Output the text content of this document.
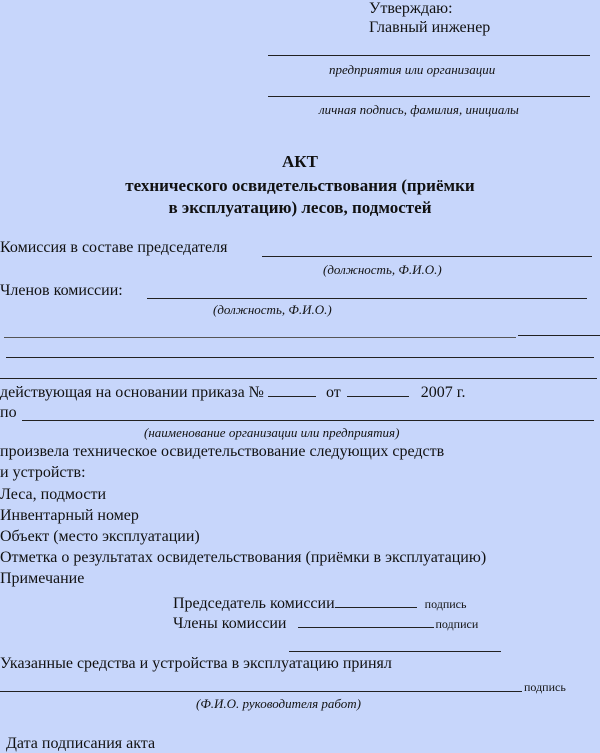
Утверждаю:
Главный инженер
предприятия или организации
личная подпись, фамилия, инициалы
АКТ
технического освидетельствования (приёмки
в эксплуатацию) лесов, подмостей
Комиссия в составе председателя
(должность, Ф.И.О.)
Членов комиссии:
(должность, Ф.И.О.)
действующая на основании приказа №	от	2007 г.
по
(наименование организации или предприятия)
произвела техническое освидетельствование следующих средств
и устройств:
Леса, подмости
Инвентарный номер
Объект (место эксплуатации)
Отметка о результатах освидетельствования (приёмки в эксплуатацию)
Примечание
Председатель комиссии	подпись
Члены комиссии	подписи
Указанные средства и устройства в эксплуатацию принял
подпись
(Ф.И.О. руководителя работ)
Дата подписания акта
